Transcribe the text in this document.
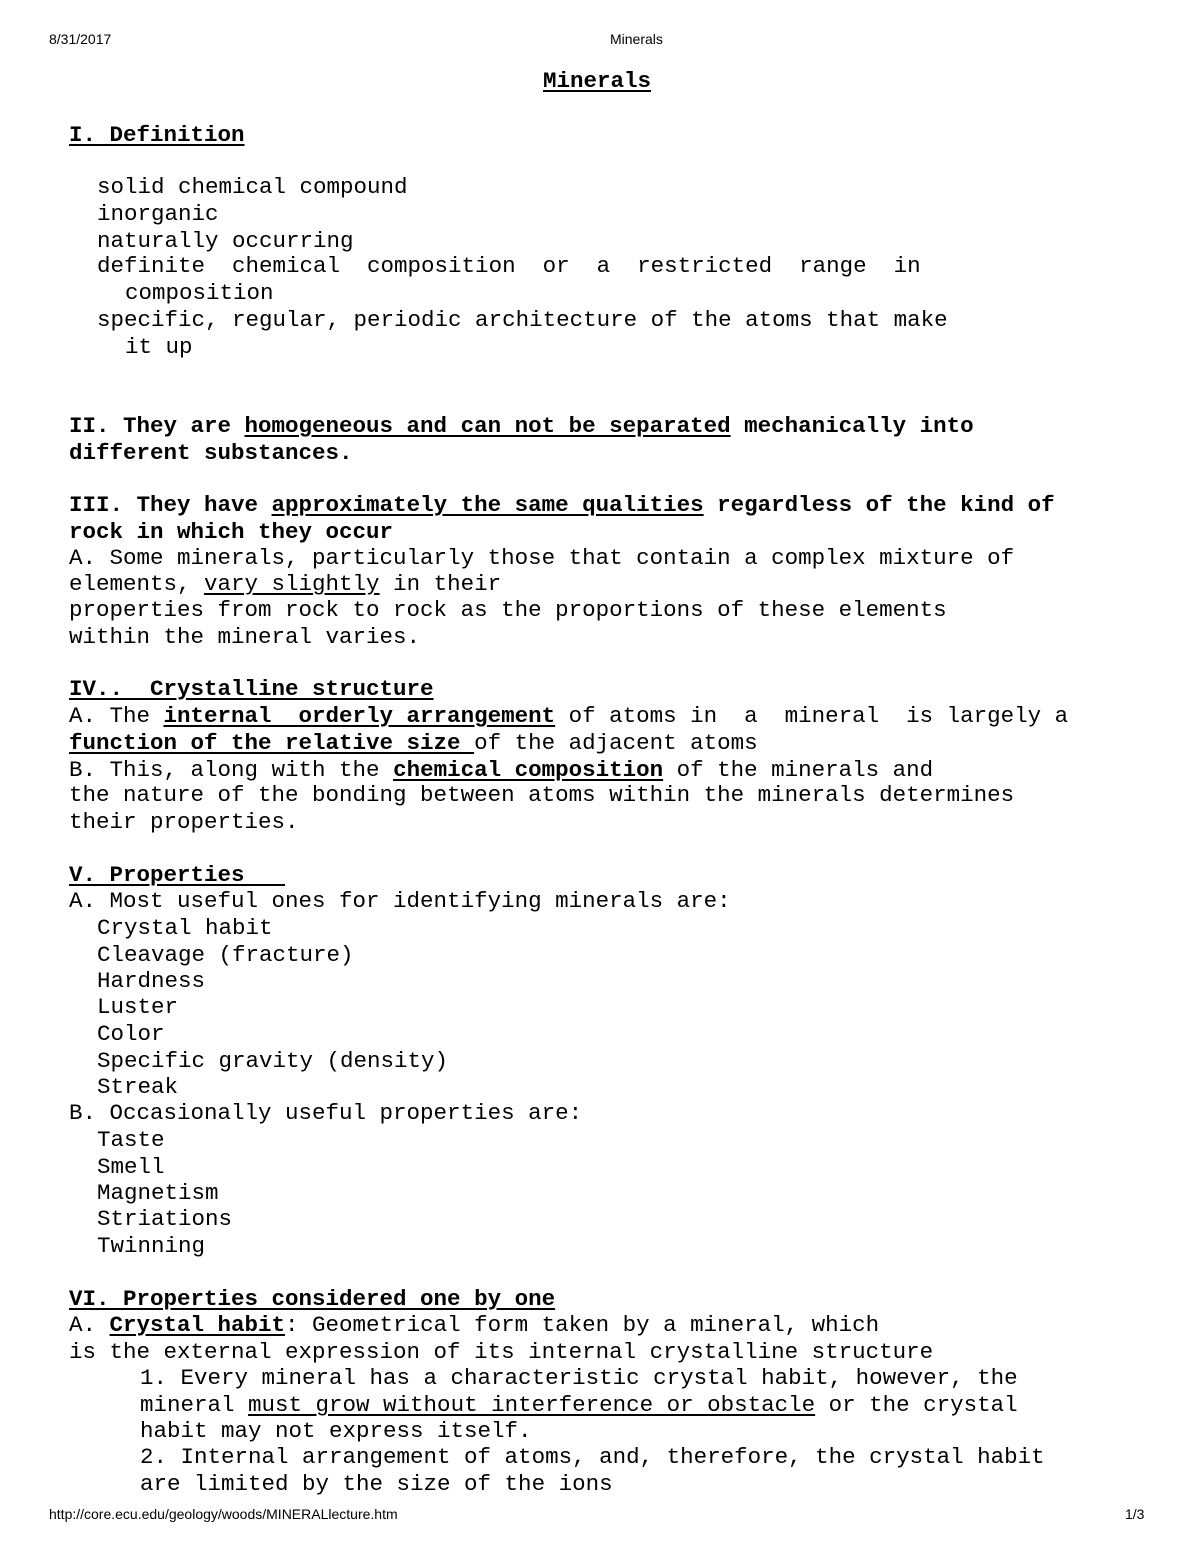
8/31/2017	Minerals
Minerals
I. Definition
solid chemical compound
inorganic
naturally occurring
definite  chemical  composition  or  a  restricted  range  in
composition
specific, regular, periodic architecture of the atoms that make
it up
II. They are homogeneous and can not be separated mechanically into
different substances.
III. They have approximately the same qualities regardless of the kind of
rock in which they occur
A. Some minerals, particularly those that contain a complex mixture of
elements, vary slightly in their
properties from rock to rock as the proportions of these elements
within the mineral varies.
IV..  Crystalline structure
A. The internal  orderly arrangement of atoms in  a  mineral  is largely a
function of the relative size of the adjacent atoms
B. This, along with the chemical composition of the minerals and
the nature of the bonding between atoms within the minerals determines
their properties.
V. Properties
A. Most useful ones for identifying minerals are:
Crystal habit
Cleavage (fracture)
Hardness
Luster
Color
Specific gravity (density)
Streak
B. Occasionally useful properties are:
Taste
Smell
Magnetism
Striations
Twinning
VI. Properties considered one by one
A. Crystal habit: Geometrical form taken by a mineral, which
is the external expression of its internal crystalline structure
1. Every mineral has a characteristic crystal habit, however, the
mineral must grow without interference or obstacle or the crystal
habit may not express itself.
2. Internal arrangement of atoms, and, therefore, the crystal habit
are limited by the size of the ions
http://core.ecu.edu/geology/woods/MINERALlecture.htm	1/3
